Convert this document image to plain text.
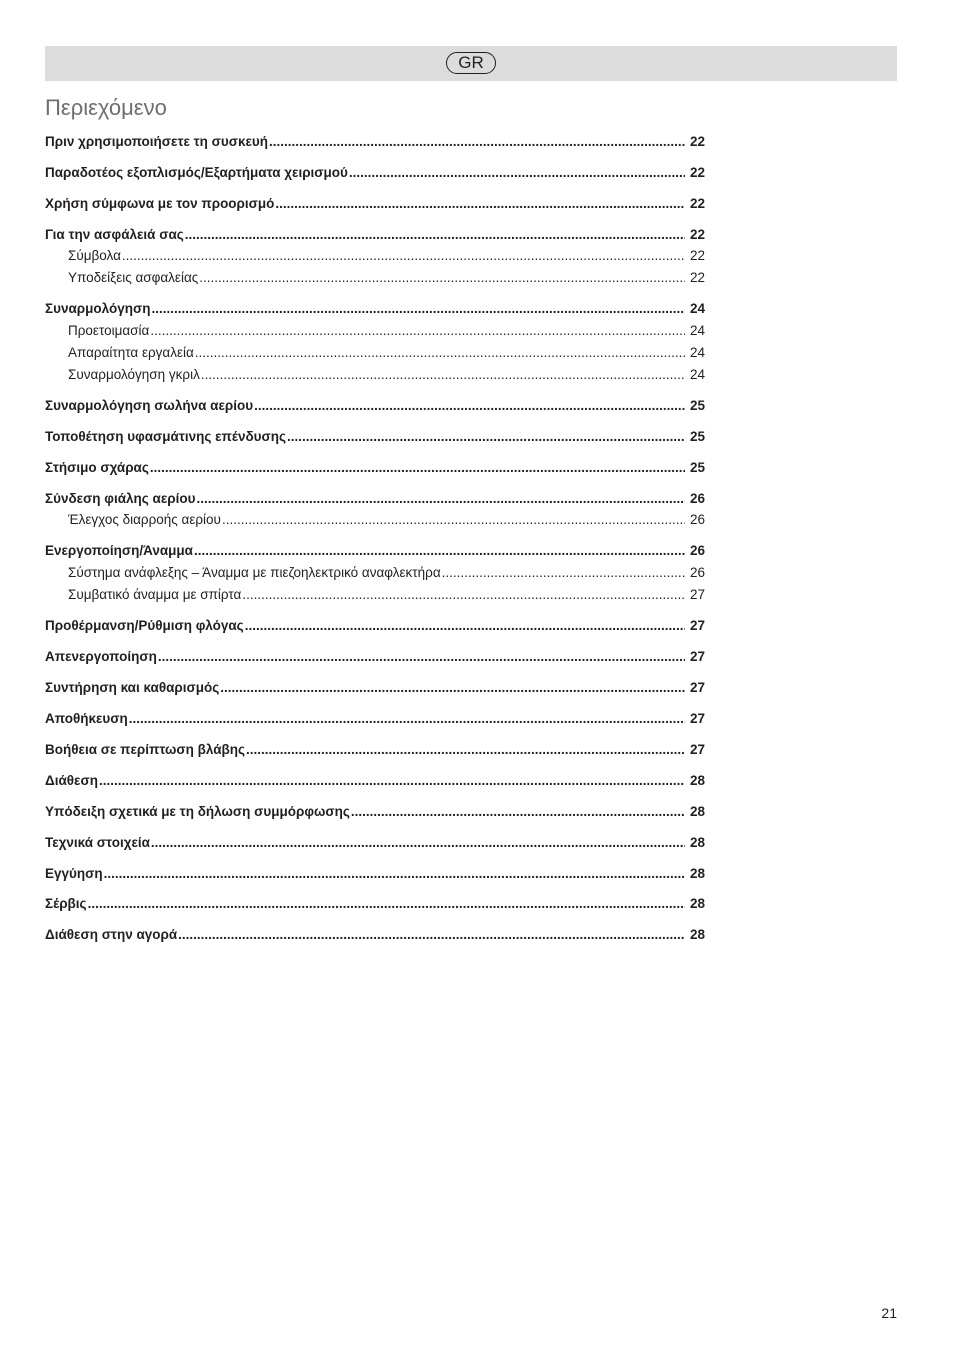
GR
Περιεχόμενο
Πριν χρησιμοποιήσετε τη συσκευή .....	22
Παραδοτέος εξοπλισμός/Εξαρτήματα χειρισμού .....	22
Χρήση σύμφωνα με τον προορισμό .....	22
Για την ασφάλειά σας .....	22
Σύμβολα .....	22
Υποδείξεις ασφαλείας .....	22
Συναρμολόγηση .....	24
Προετοιμασία .....	24
Απαραίτητα εργαλεία .....	24
Συναρμολόγηση γκριλ .....	24
Συναρμολόγηση σωλήνα αερίου .....	25
Τοποθέτηση υφασμάτινης επένδυσης .....	25
Στήσιμο σχάρας .....	25
Σύνδεση φιάλης αερίου .....	26
Έλεγχος διαρροής αερίου .....	26
Ενεργοποίηση/Άναμμα .....	26
Σύστημα ανάφλεξης – Άναμμα με πιεζοηλεκτρικό αναφλεκτήρα .....	26
Συμβατικό άναμμα με σπίρτα .....	27
Προθέρμανση/Ρύθμιση φλόγας .....	27
Απενεργοποίηση .....	27
Συντήρηση και καθαρισμός .....	27
Αποθήκευση .....	27
Βοήθεια σε περίπτωση βλάβης .....	27
Διάθεση .....	28
Υπόδειξη σχετικά με τη δήλωση συμμόρφωσης .....	28
Τεχνικά στοιχεία .....	28
Εγγύηση .....	28
Σέρβις .....	28
Διάθεση στην αγορά .....	28
21
